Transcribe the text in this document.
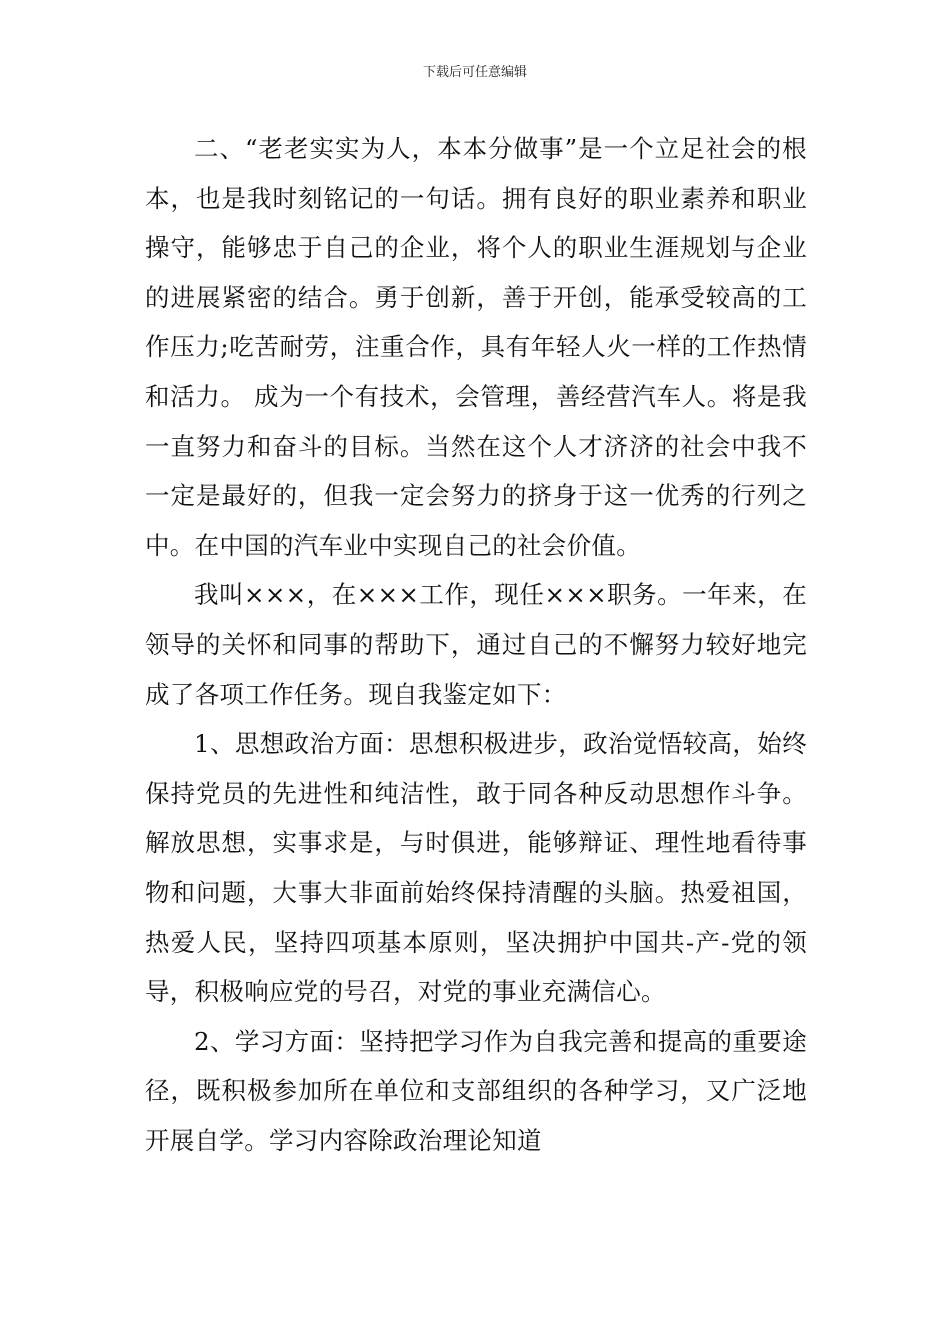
下载后可任意编辑

二、“老老实实为人，本本分做事”是一个立足社会的根本，也是我时刻铭记的一句话。拥有良好的职业素养和职业操守，能够忠于自己的企业，将个人的职业生涯规划与企业的进展紧密的结合。勇于创新，善于开创，能承受较高的工作压力;吃苦耐劳，注重合作，具有年轻人火一样的工作热情和活力。 成为一个有技术，会管理，善经营汽车人。将是我一直努力和奋斗的目标。当然在这个人才济济的社会中我不一定是最好的，但我一定会努力的挤身于这一优秀的行列之中。在中国的汽车业中实现自己的社会价值。

我叫×××，在×××工作，现任×××职务。一年来，在领导的关怀和同事的帮助下，通过自己的不懈努力较好地完成了各项工作任务。现自我鉴定如下：

1、思想政治方面：思想积极进步，政治觉悟较高，始终保持党员的先进性和纯洁性，敢于同各种反动思想作斗争。解放思想，实事求是，与时俱进，能够辩证、理性地看待事物和问题，大事大非面前始终保持清醒的头脑。热爱祖国，热爱人民，坚持四项基本原则，坚决拥护中国共-产-党的领导，积极响应党的号召，对党的事业充满信心。

2、学习方面：坚持把学习作为自我完善和提高的重要途径，既积极参加所在单位和支部组织的各种学习，又广泛地开展自学。学习内容除政治理论知道
